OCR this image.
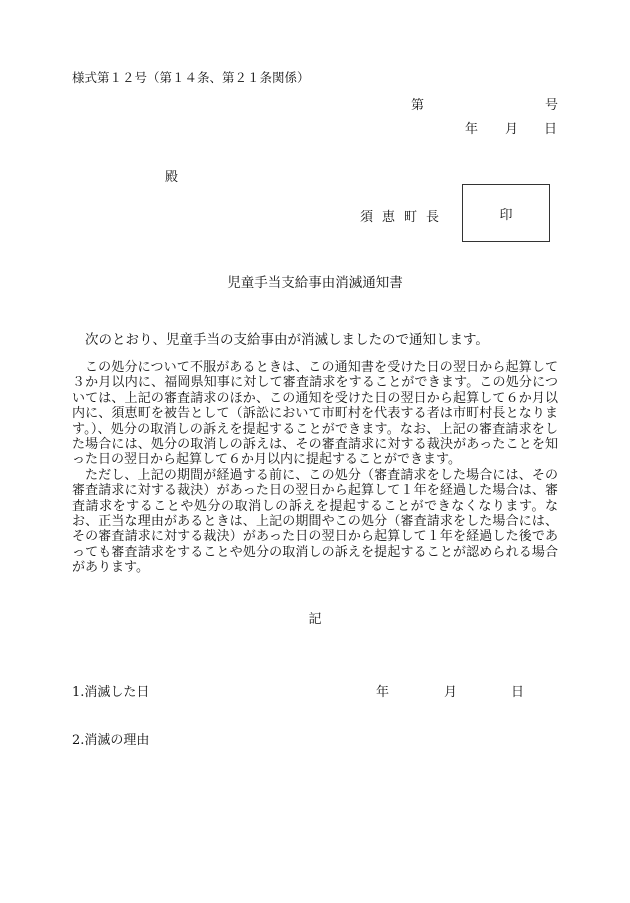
様式第１２号（第１４条、第２１条関係）
第	号
年 月 日
殿
須恵町長	印
児童手当支給事由消滅通知書
次のとおり、児童手当の支給事由が消滅しましたので通知します。

この処分について不服があるときは、この通知書を受けた日の翌日から起算して３か月以内に、福岡県知事に対して審査請求をすることができます。この処分については、上記の審査請求のほか、この通知を受けた日の翌日から起算して６か月以内に、須恵町を被告として（訴訟において市町村を代表する者は市町村長となります。）、処分の取消しの訴えを提起することができます。なお、上記の審査請求をした場合には、処分の取消しの訴えは、その審査請求に対する裁決があったことを知った日の翌日から起算して６か月以内に提起することができます。

ただし、上記の期間が経過する前に、この処分（審査請求をした場合には、その審査請求に対する裁決）があった日の翌日から起算して１年を経過した場合は、審査請求をすることや処分の取消しの訴えを提起することができなくなります。なお、正当な理由があるときは、上記の期間やこの処分（審査請求をした場合には、その審査請求に対する裁決）があった日の翌日から起算して１年を経過した後であっても審査請求をすることや処分の取消しの訴えを提起することが認められる場合があります。

記
1.消滅した日	年	月	日
2.消滅の理由
